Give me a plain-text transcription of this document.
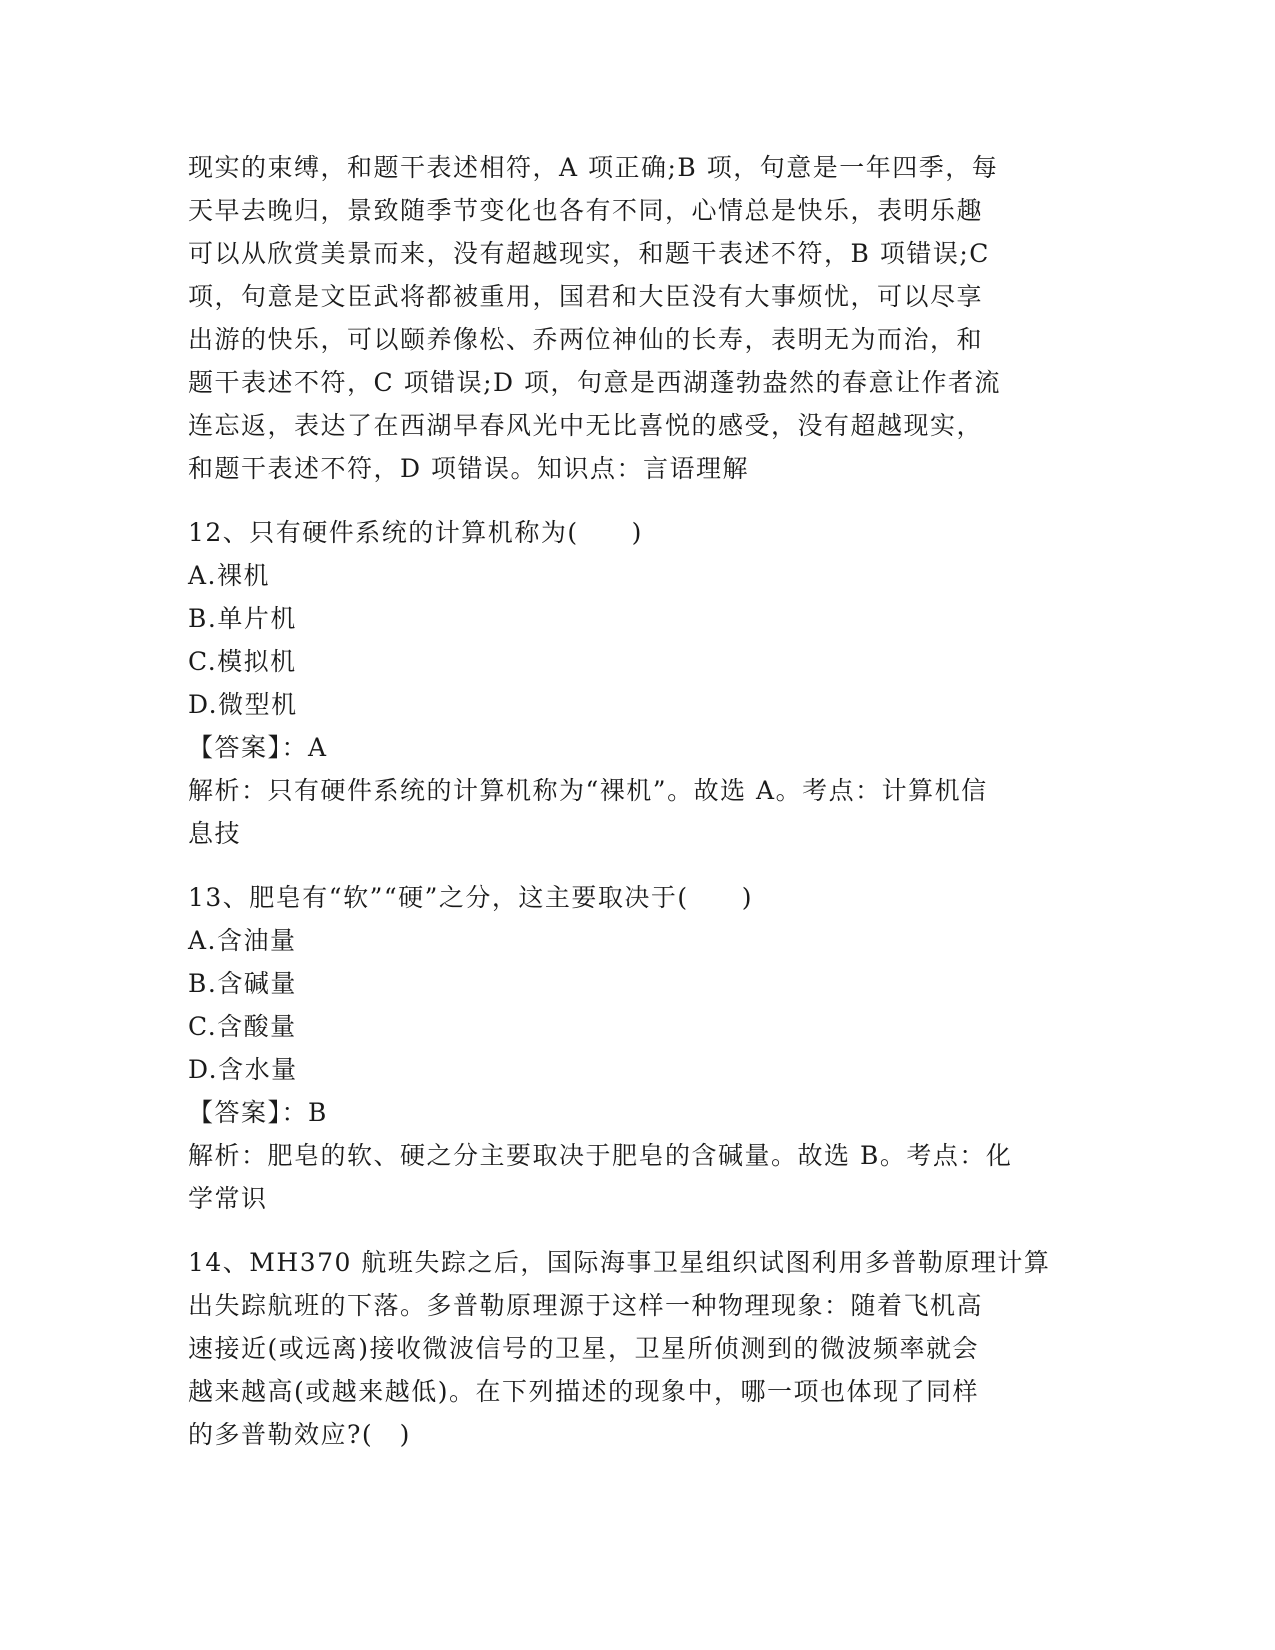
现实的束缚，和题干表述相符，A 项正确;B 项，句意是一年四季，每
天早去晚归，景致随季节变化也各有不同，心情总是快乐，表明乐趣
可以从欣赏美景而来，没有超越现实，和题干表述不符，B 项错误;C
项，句意是文臣武将都被重用，国君和大臣没有大事烦忧，可以尽享
出游的快乐，可以颐养像松、乔两位神仙的长寿，表明无为而治，和
题干表述不符，C 项错误;D 项，句意是西湖蓬勃盎然的春意让作者流
连忘返，表达了在西湖早春风光中无比喜悦的感受，没有超越现实，
和题干表述不符，D 项错误。知识点：言语理解
12、只有硬件系统的计算机称为(　　)
A.裸机
B.单片机
C.模拟机
D.微型机
【答案】：A
解析：只有硬件系统的计算机称为“裸机”。故选 A。考点：计算机信
息技
13、肥皂有“软”“硬”之分，这主要取决于(　　)
A.含油量
B.含碱量
C.含酸量
D.含水量
【答案】：B
解析：肥皂的软、硬之分主要取决于肥皂的含碱量。故选 B。考点：化
学常识
14、MH370 航班失踪之后，国际海事卫星组织试图利用多普勒原理计算
出失踪航班的下落。多普勒原理源于这样一种物理现象：随着飞机高
速接近(或远离)接收微波信号的卫星，卫星所侦测到的微波频率就会
越来越高(或越来越低)。在下列描述的现象中，哪一项也体现了同样
的多普勒效应?(　)
